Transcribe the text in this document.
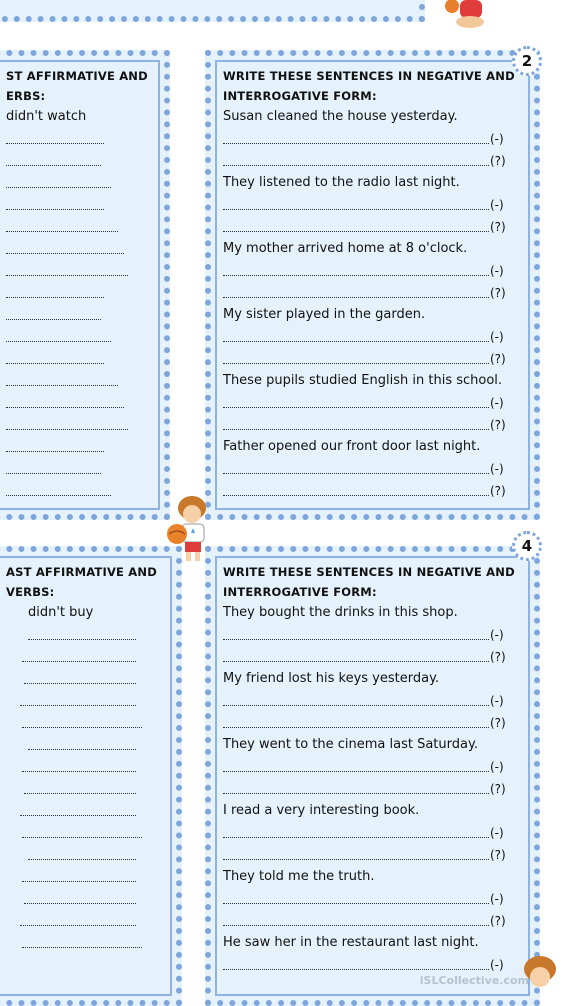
ST AFFIRMATIVE AND
ERBS:
didn't watch
WRITE THESE SENTENCES IN NEGATIVE AND
INTERROGATIVE FORM:
Susan cleaned the house yesterday.
(-)
(?)
They listened to the radio last night.
(-)
(?)
My mother arrived home at 8 o'clock.
(-)
(?)
My sister played in the garden.
(-)
(?)
These pupils studied English in this school.
(-)
(?)
Father opened our front door last night.
(-)
(?)
2
AST AFFIRMATIVE AND
VERBS:
didn't buy
WRITE THESE SENTENCES IN NEGATIVE AND
INTERROGATIVE FORM:
They bought the drinks in this shop.
(-)
(?)
My friend lost his keys yesterday.
(-)
(?)
They went to the cinema last Saturday.
(-)
(?)
I read a very interesting book.
(-)
(?)
They told me the truth.
(-)
(?)
He saw her in the restaurant last night.
(-)
4
iSLCollective.com
